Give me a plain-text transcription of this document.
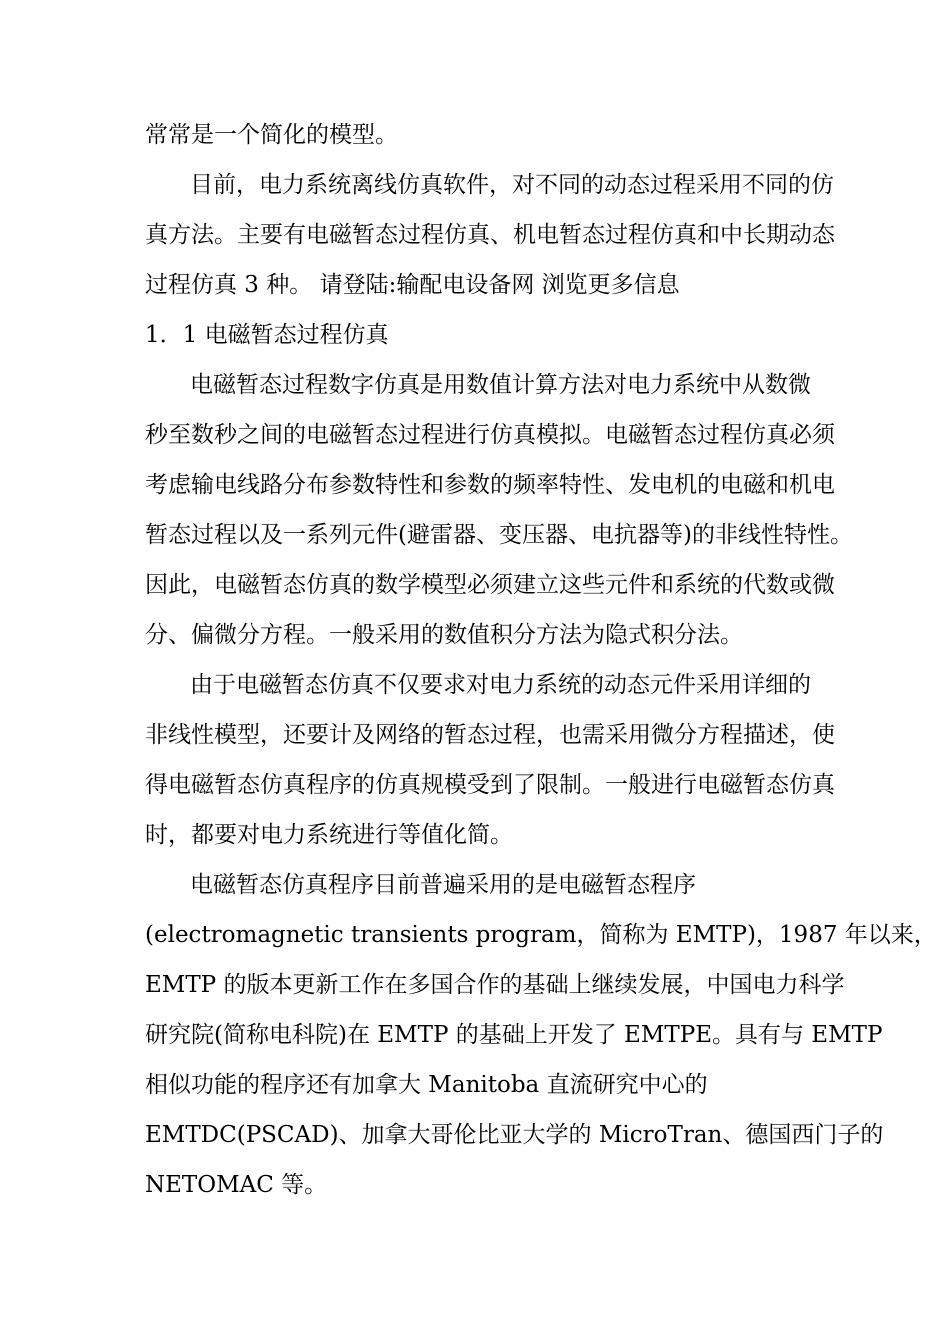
常常是一个简化的模型。
目前，电力系统离线仿真软件，对不同的动态过程采用不同的仿
真方法。主要有电磁暂态过程仿真、机电暂态过程仿真和中长期动态
过程仿真 3 种。 请登陆:输配电设备网 浏览更多信息
1．1 电磁暂态过程仿真
电磁暂态过程数字仿真是用数值计算方法对电力系统中从数微
秒至数秒之间的电磁暂态过程进行仿真模拟。电磁暂态过程仿真必须
考虑输电线路分布参数特性和参数的频率特性、发电机的电磁和机电
暂态过程以及一系列元件(避雷器、变压器、电抗器等)的非线性特性。
因此，电磁暂态仿真的数学模型必须建立这些元件和系统的代数或微
分、偏微分方程。一般采用的数值积分方法为隐式积分法。
由于电磁暂态仿真不仅要求对电力系统的动态元件采用详细的
非线性模型，还要计及网络的暂态过程，也需采用微分方程描述，使
得电磁暂态仿真程序的仿真规模受到了限制。一般进行电磁暂态仿真
时，都要对电力系统进行等值化简。
电磁暂态仿真程序目前普遍采用的是电磁暂态程序
(electromagnetic transients program，简称为 EMTP)，1987 年以来，
EMTP 的版本更新工作在多国合作的基础上继续发展，中国电力科学
研究院(简称电科院)在 EMTP 的基础上开发了 EMTPE。具有与 EMTP
相似功能的程序还有加拿大 Manitoba 直流研究中心的
EMTDC(PSCAD)、加拿大哥伦比亚大学的 MicroTran、德国西门子的
NETOMAC 等。
